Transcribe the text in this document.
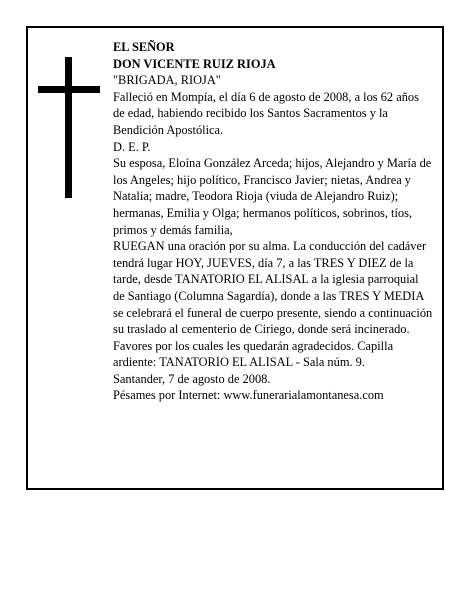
EL SEÑOR

DON VICENTE RUIZ RIOJA

"BRIGADA, RIOJA"

Falleció en Mompía, el día 6 de agosto de 2008, a los 62 años de edad, habiendo recibido los Santos Sacramentos y la Bendición Apostólica.

D. E. P.

Su esposa, Eloína González Arceda; hijos, Alejandro y María de los Angeles; hijo político, Francisco Javier; nietas, Andrea y Natalia; madre, Teodora Rioja (viuda de Alejandro Ruiz); hermanas, Emilia y Olga; hermanos políticos, sobrinos, tíos, primos y demás familia,

RUEGAN una oración por su alma. La conducción del cadáver tendrá lugar HOY, JUEVES, día 7, a las TRES Y DIEZ de la tarde, desde TANATORIO EL ALISAL a la iglesia parroquial de Santiago (Columna Sagardía), donde a las TRES Y MEDIA se celebrará el funeral de cuerpo presente, siendo a continuación su traslado al cementerio de Ciriego, donde será incinerado. Favores por los cuales les quedarán agradecidos. Capilla ardiente: TANATORIO EL ALISAL - Sala núm. 9.

Santander, 7 de agosto de 2008.

Pésames por Internet: www.funerarialamontanesa.com
